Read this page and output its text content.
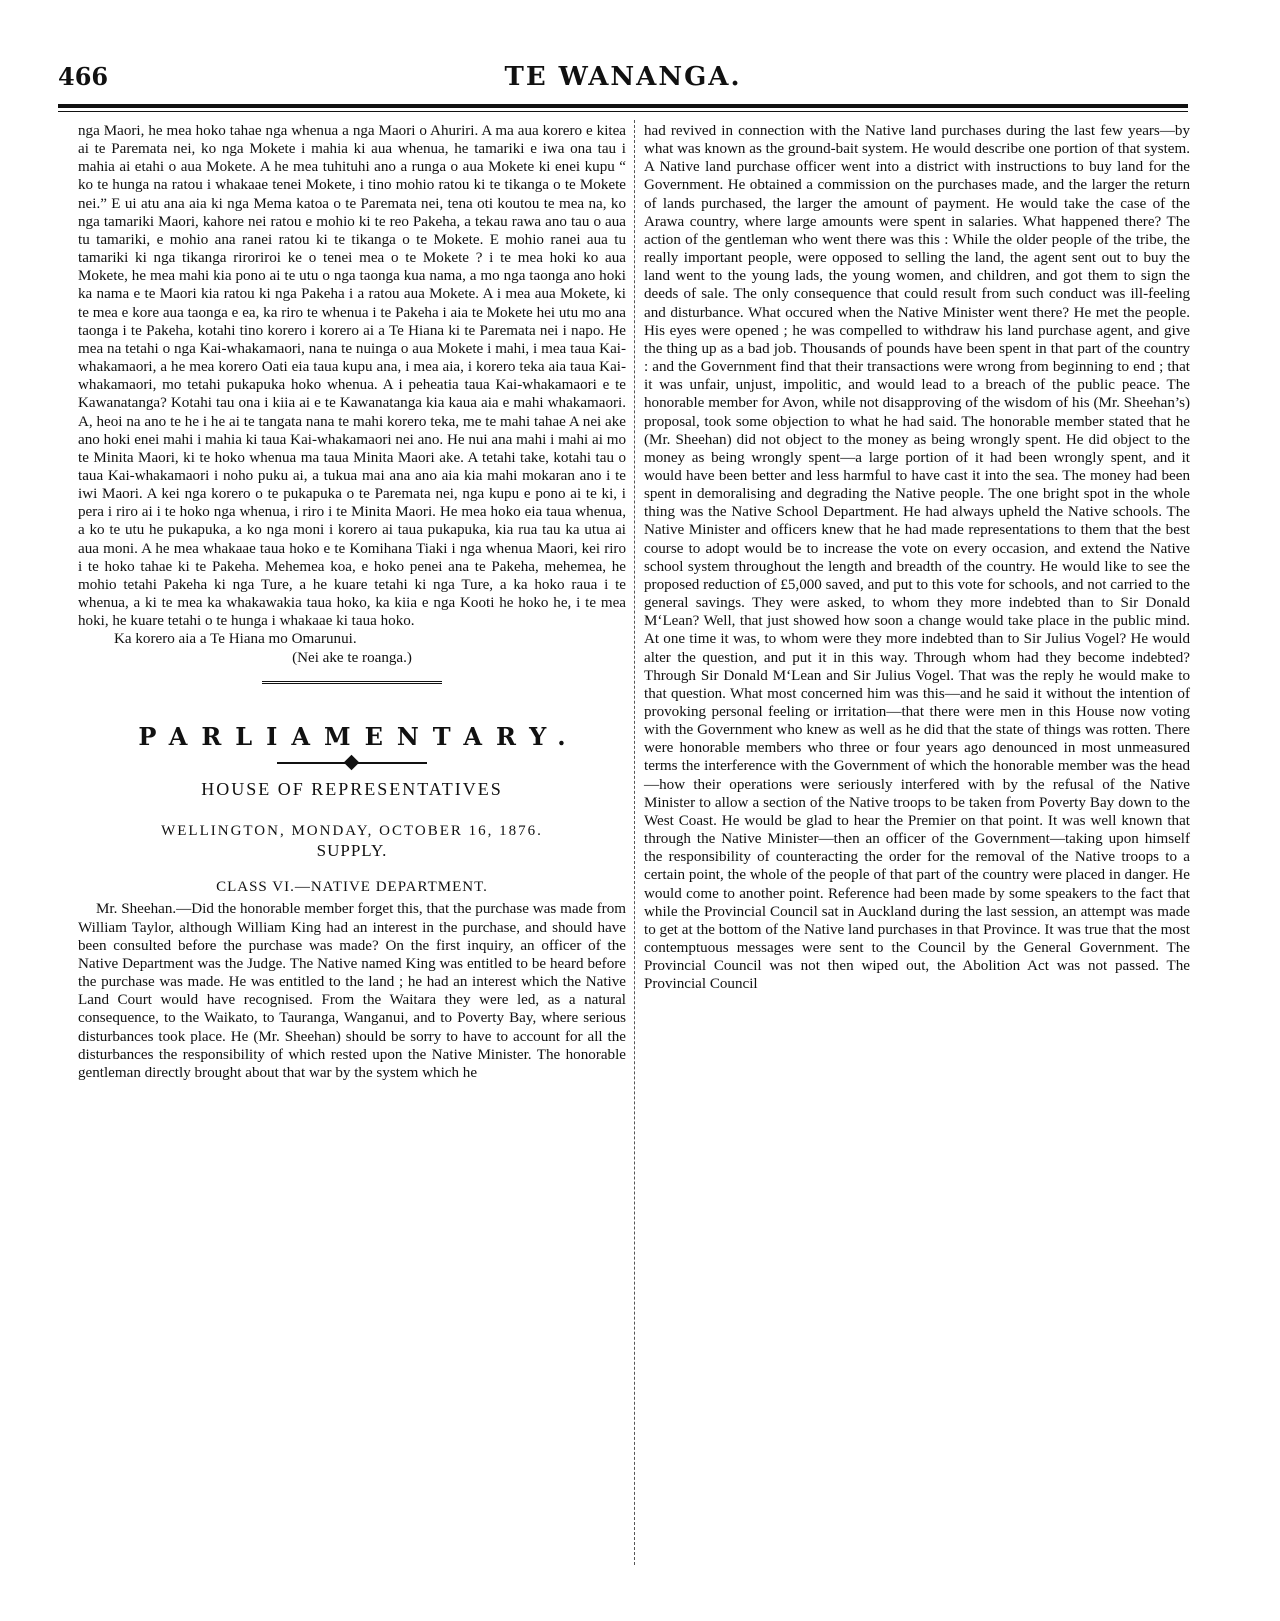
466	TE WANANGA.

nga Maori, he mea hoko tahae nga whenua a nga Maori o Ahuriri. A ma aua korero e kitea ai te Paremata nei, ko nga Mokete i mahia ki aua whenua, he tamariki e iwa ona tau i mahia ai etahi o aua Mokete. A he mea tuhituhi ano a runga o aua Mokete ki enei kupu “ ko te hunga na ratou i whakaae tenei Mokete, i tino mohio ratou ki te tikanga o te Mokete nei.” E ui atu ana aia ki nga Mema katoa o te Paremata nei, tena oti koutou te mea na, ko nga tamariki Maori, kahore nei ratou e mohio ki te reo Pakeha, a tekau rawa ano tau o aua tu tamariki, e mohio ana ranei ratou ki te tikanga o te Mokete. E mohio ranei aua tu tamariki ki nga tikanga riroriroi ke o tenei mea o te Mokete ? i te mea hoki ko aua Mokete, he mea mahi kia pono ai te utu o nga taonga kua nama, a mo nga taonga ano hoki ka nama e te Maori kia ratou ki nga Pakeha i a ratou aua Mokete. A i mea aua Mokete, ki te mea e kore aua taonga e ea, ka riro te whenua i te Pakeha i aia te Mokete hei utu mo ana taonga i te Pakeha, kotahi tino korero i korero ai a Te Hiana ki te Paremata nei i napo. He mea na tetahi o nga Kai-whakamaori, nana te nuinga o aua Mokete i mahi, i mea taua Kai-whakamaori, a he mea korero Oati eia taua kupu ana, i mea aia, i korero teka aia taua Kai-whakamaori, mo tetahi pukapuka hoko whenua. A i peheatia taua Kai-whakamaori e te Kawanatanga? Kotahi tau ona i kiia ai e te Kawanatanga kia kaua aia e mahi whakamaori. A, heoi na ano te he i he ai te tangata nana te mahi korero teka, me te mahi tahae A nei ake ano hoki enei mahi i mahia ki taua Kai-whakamaori nei ano. He nui ana mahi i mahi ai mo te Minita Maori, ki te hoko whenua ma taua Minita Maori ake. A tetahi take, kotahi tau o taua Kai-whakamaori i noho puku ai, a tukua mai ana ano aia kia mahi mokaran ano i te iwi Maori. A kei nga korero o te pukapuka o te Paremata nei, nga kupu e pono ai te ki, i pera i riro ai i te hoko nga whenua, i riro i te Minita Maori. He mea hoko eia taua whenua, a ko te utu he pukapuka, a ko nga moni i korero ai taua pukapuka, kia rua tau ka utua ai aua moni. A he mea whakaae taua hoko e te Komihana Tiaki i nga whenua Maori, kei riro i te hoko tahae ki te Pakeha. Mehemea koa, e hoko penei ana te Pakeha, mehemea, he mohio tetahi Pakeha ki nga Ture, a he kuare tetahi ki nga Ture, a ka hoko raua i te whenua, a ki te mea ka whakawakia taua hoko, ka kiia e nga Kooti he hoko he, i te mea hoki, he kuare tetahi o te hunga i whakaae ki taua hoko.

Ka korero aia a Te Hiana mo Omarunui.

(Nei ake te roanga.)

PARLIAMENTARY.
HOUSE OF REPRESENTATIVES
WELLINGTON, MONDAY, OCTOBER 16, 1876.
SUPPLY.
CLASS VI.—NATIVE DEPARTMENT.

Mr. Sheehan.—Did the honorable member forget this, that the purchase was made from William Taylor, although William King had an interest in the purchase, and should have been consulted before the purchase was made? On the first inquiry, an officer of the Native Department was the Judge. The Native named King was entitled to be heard before the purchase was made. He was entitled to the land ; he had an interest which the Native Land Court would have recognised. From the Waitara they were led, as a natural consequence, to the Waikato, to Tauranga, Wanganui, and to Poverty Bay, where serious disturbances took place. He (Mr. Sheehan) should be sorry to have to account for all the disturbances the responsibility of which rested upon the Native Minister. The honorable gentleman directly brought about that war by the system which he

had revived in connection with the Native land purchases during the last few years—by what was known as the ground-bait system. He would describe one portion of that system. A Native land purchase officer went into a district with instructions to buy land for the Government. He obtained a commission on the purchases made, and the larger the return of lands purchased, the larger the amount of payment. He would take the case of the Arawa country, where large amounts were spent in salaries. What happened there? The action of the gentleman who went there was this : While the older people of the tribe, the really important people, were opposed to selling the land, the agent sent out to buy the land went to the young lads, the young women, and children, and got them to sign the deeds of sale. The only consequence that could result from such conduct was ill-feeling and disturbance. What occured when the Native Minister went there? He met the people. His eyes were opened ; he was compelled to withdraw his land purchase agent, and give the thing up as a bad job. Thousands of pounds have been spent in that part of the country : and the Government find that their transactions were wrong from beginning to end ; that it was unfair, unjust, impolitic, and would lead to a breach of the public peace. The honorable member for Avon, while not disapproving of the wisdom of his (Mr. Sheehan’s) proposal, took some objection to what he had said. The honorable member stated that he (Mr. Sheehan) did not object to the money as being wrongly spent. He did object to the money as being wrongly spent—a large portion of it had been wrongly spent, and it would have been better and less harmful to have cast it into the sea. The money had been spent in demoralising and degrading the Native people. The one bright spot in the whole thing was the Native School Department. He had always upheld the Native schools. The Native Minister and officers knew that he had made representations to them that the best course to adopt would be to increase the vote on every occasion, and extend the Native school system throughout the length and breadth of the country. He would like to see the proposed reduction of £5,000 saved, and put to this vote for schools, and not carried to the general savings. They were asked, to whom they more indebted than to Sir Donald M‘Lean? Well, that just showed how soon a change would take place in the public mind. At one time it was, to whom were they more indebted than to Sir Julius Vogel? He would alter the question, and put it in this way. Through whom had they become indebted? Through Sir Donald M‘Lean and Sir Julius Vogel. That was the reply he would make to that question. What most concerned him was this—and he said it without the intention of provoking personal feeling or irritation—that there were men in this House now voting with the Government who knew as well as he did that the state of things was rotten. There were honorable members who three or four years ago denounced in most unmeasured terms the interference with the Government of which the honorable member was the head—how their operations were seriously interfered with by the refusal of the Native Minister to allow a section of the Native troops to be taken from Poverty Bay down to the West Coast. He would be glad to hear the Premier on that point. It was well known that through the Native Minister—then an officer of the Government—taking upon himself the responsibility of counteracting the order for the removal of the Native troops to a certain point, the whole of the people of that part of the country were placed in danger. He would come to another point. Reference had been made by some speakers to the fact that while the Provincial Council sat in Auckland during the last session, an attempt was made to get at the bottom of the Native land purchases in that Province. It was true that the most contemptuous messages were sent to the Council by the General Government. The Provincial Council was not then wiped out, the Abolition Act was not passed. The Provincial Council
